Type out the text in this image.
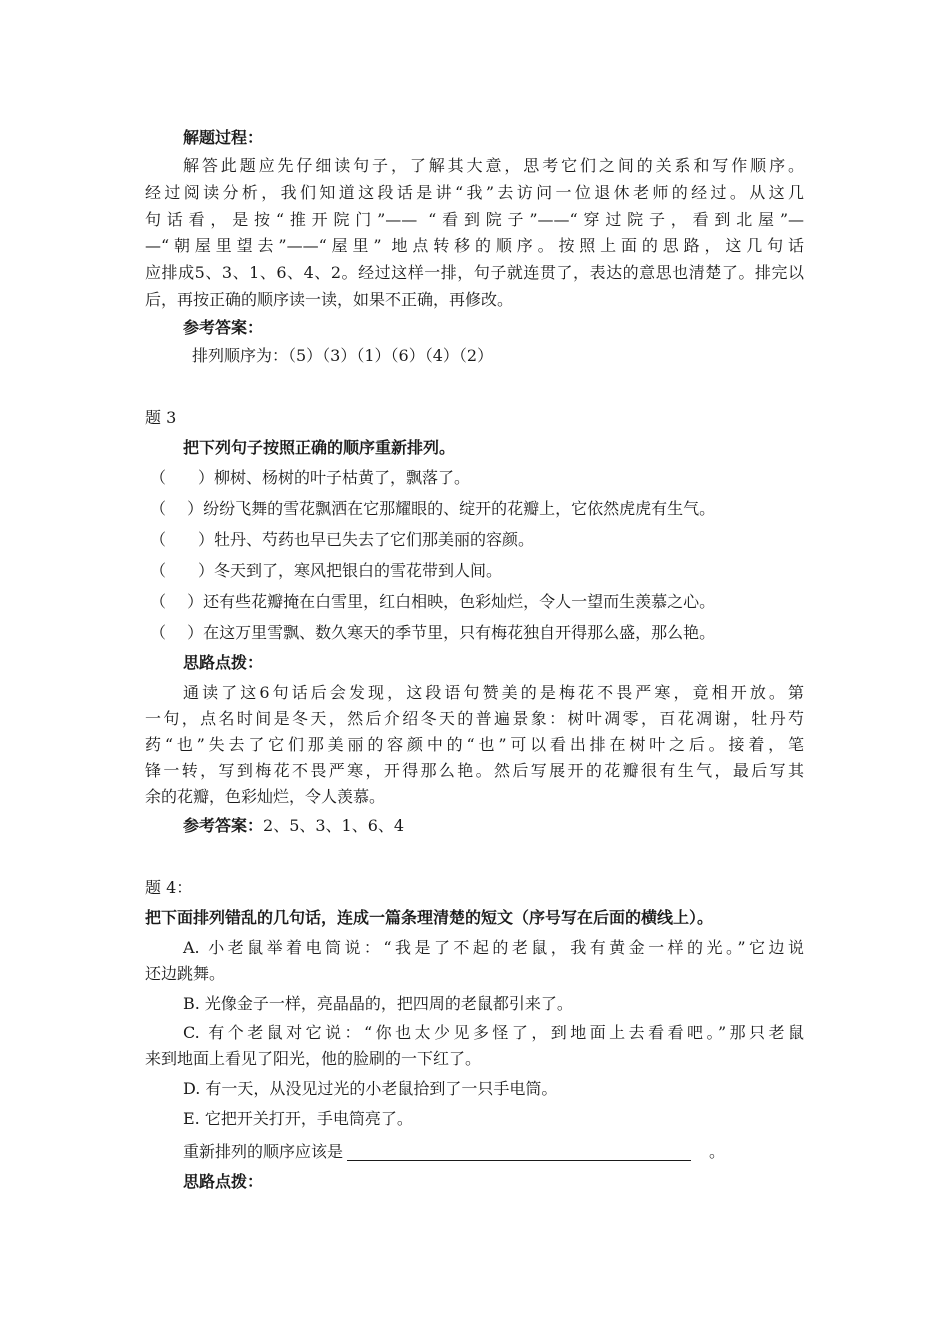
解题过程：

解答此题应先仔细读句子，了解其大意，思考它们之间的关系和写作顺序。

经过阅读分析，我们知道这段话是讲“我”去访问一位退休老师的经过。从这几

句话看，是按“推开院门”—— “看到院子”——“穿过院子，看到北屋”—

—“朝屋里望去”——“屋里” 地点转移的顺序。按照上面的思路，这几句话

应排成5、3、1、6、4、2。经过这样一排，句子就连贯了，表达的意思也清楚了。排完以

后，再按正确的顺序读一读，如果不正确，再修改。

参考答案：

排列顺序为：（5）（3）（1）（6）（4）（2）

题 3

把下列句子按照正确的顺序重新排列。

（　　）柳树、杨树的叶子枯黄了，飘落了。

（　 ）纷纷飞舞的雪花飘洒在它那耀眼的、绽开的花瓣上，它依然虎虎有生气。

（　　）牡丹、芍药也早已失去了它们那美丽的容颜。

（　　）冬天到了，寒风把银白的雪花带到人间。

（　 ）还有些花瓣掩在白雪里，红白相映，色彩灿烂，令人一望而生羡慕之心。

（　 ）在这万里雪飘、数久寒天的季节里，只有梅花独自开得那么盛，那么艳。

思路点拨：

通读了这6句话后会发现，这段语句赞美的是梅花不畏严寒，竟相开放。第

一句，点名时间是冬天，然后介绍冬天的普遍景象：树叶凋零，百花凋谢，牡丹芍

药“也”失去了它们那美丽的容颜中的“也”可以看出排在树叶之后。接着，笔

锋一转，写到梅花不畏严寒，开得那么艳。然后写展开的花瓣很有生气，最后写其

余的花瓣，色彩灿烂，令人羡慕。

参考答案：2、5、3、1、6、4

题 4：

把下面排列错乱的几句话，连成一篇条理清楚的短文（序号写在后面的横线上）。

A. 小老鼠举着电筒说：“我是了不起的老鼠，我有黄金一样的光。”它边说

还边跳舞。

B. 光像金子一样，亮晶晶的，把四周的老鼠都引来了。

C. 有个老鼠对它说：“你也太少见多怪了，到地面上去看看吧。”那只老鼠

来到地面上看见了阳光，他的脸刷的一下红了。

D. 有一天，从没见过光的小老鼠拾到了一只手电筒。

E. 它把开关打开，手电筒亮了。

重新排列的顺序应该是	。

思路点拨：
